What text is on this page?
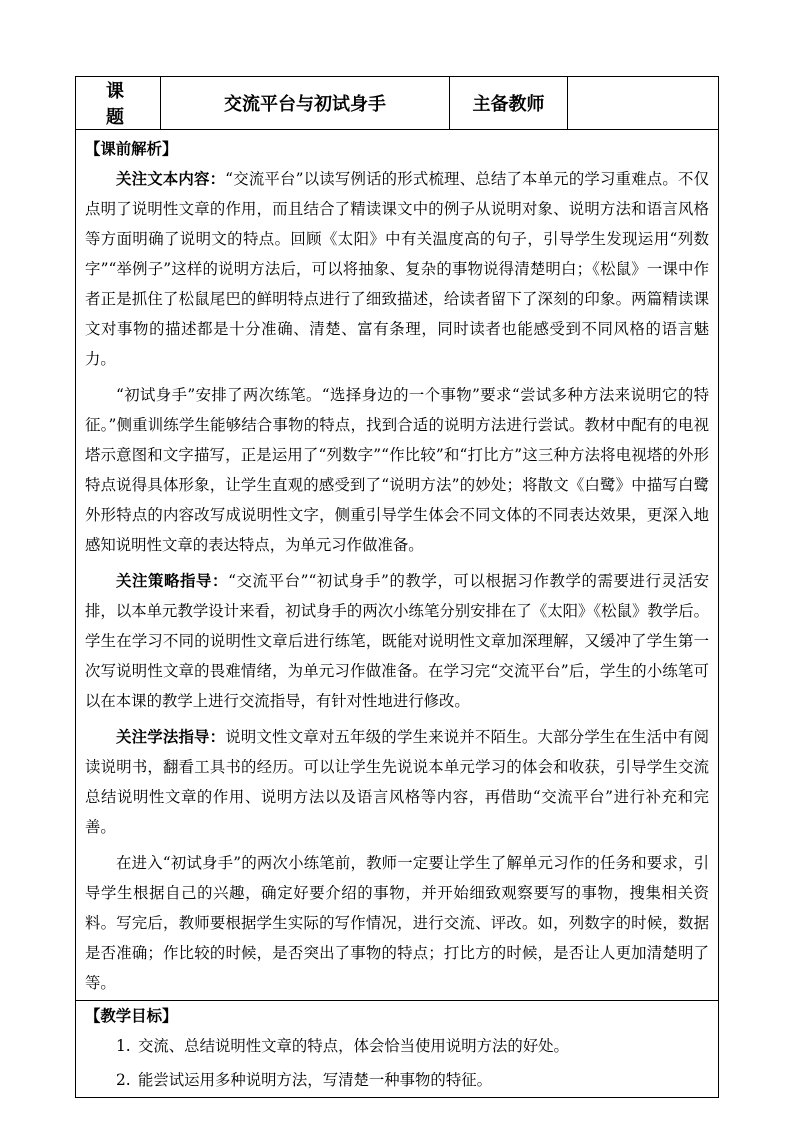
课题	交流平台与初试身手	主备教师	

【课前解析】

关注文本内容：“交流平台”以读写例话的形式梳理、总结了本单元的学习重难点。不仅点明了说明性文章的作用，而且结合了精读课文中的例子从说明对象、说明方法和语言风格等方面明确了说明文的特点。回顾《太阳》中有关温度高的句子，引导学生发现运用“列数字”“举例子”这样的说明方法后，可以将抽象、复杂的事物说得清楚明白；《松鼠》一课中作者正是抓住了松鼠尾巴的鲜明特点进行了细致描述，给读者留下了深刻的印象。两篇精读课文对事物的描述都是十分准确、清楚、富有条理，同时读者也能感受到不同风格的语言魅力。

“初试身手”安排了两次练笔。“选择身边的一个事物”要求“尝试多种方法来说明它的特征。”侧重训练学生能够结合事物的特点，找到合适的说明方法进行尝试。教材中配有的电视塔示意图和文字描写，正是运用了“列数字”“作比较”和“打比方”这三种方法将电视塔的外形特点说得具体形象，让学生直观的感受到了“说明方法”的妙处；将散文《白鹭》中描写白鹭外形特点的内容改写成说明性文字，侧重引导学生体会不同文体的不同表达效果，更深入地感知说明性文章的表达特点，为单元习作做准备。

关注策略指导：“交流平台”“初试身手”的教学，可以根据习作教学的需要进行灵活安排，以本单元教学设计来看，初试身手的两次小练笔分别安排在了《太阳》《松鼠》教学后。学生在学习不同的说明性文章后进行练笔，既能对说明性文章加深理解，又缓冲了学生第一次写说明性文章的畏难情绪，为单元习作做准备。在学习完“交流平台”后，学生的小练笔可以在本课的教学上进行交流指导，有针对性地进行修改。

关注学法指导：说明文性文章对五年级的学生来说并不陌生。大部分学生在生活中有阅读说明书，翻看工具书的经历。可以让学生先说说本单元学习的体会和收获，引导学生交流总结说明性文章的作用、说明方法以及语言风格等内容，再借助“交流平台”进行补充和完善。

在进入“初试身手”的两次小练笔前，教师一定要让学生了解单元习作的任务和要求，引导学生根据自己的兴趣，确定好要介绍的事物，并开始细致观察要写的事物，搜集相关资料。写完后，教师要根据学生实际的写作情况，进行交流、评改。如，列数字的时候，数据是否准确；作比较的时候，是否突出了事物的特点；打比方的时候，是否让人更加清楚明了等。

【教学目标】

1. 交流、总结说明性文章的特点，体会恰当使用说明方法的好处。

2. 能尝试运用多种说明方法，写清楚一种事物的特征。
